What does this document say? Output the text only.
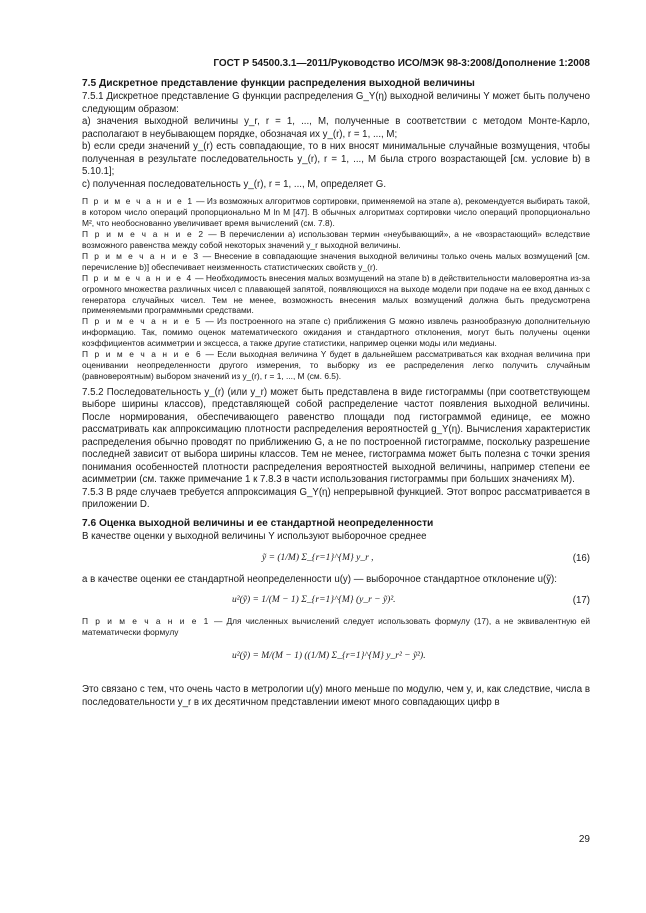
ГОСТ Р 54500.3.1—2011/Руководство ИСО/МЭК 98-3:2008/Дополнение 1:2008
7.5 Дискретное представление функции распределения выходной величины

7.5.1 Дискретное представление G функции распределения G_Y(η) выходной величины Y может быть получено следующим образом:

а) значения выходной величины y_r, r = 1, ..., M, полученные в соответствии с методом Монте-Карло, располагают в неубывающем порядке, обозначая их y_(r), r = 1, ..., M;

b) если среди значений y_(r) есть совпадающие, то в них вносят минимальные случайные возмущения, чтобы полученная в результате последовательность y_(r), r = 1, ..., M была строго возрастающей [см. условие b) в 5.10.1];

с) полученная последовательность y_(r), r = 1, ..., M, определяет G.

П р и м е ч а н и е 1 — Из возможных алгоритмов сортировки, применяемой на этапе а), рекомендуется выбирать такой, в котором число операций пропорционально M ln M [47]. В обычных алгоритмах сортировки число операций пропорционально M², что необоснованно увеличивает время вычислений (см. 7.8).

П р и м е ч а н и е 2 — В перечислении а) использован термин «неубывающий», а не «возрастающий» вследствие возможного равенства между собой некоторых значений y_r выходной величины.

П р и м е ч а н и е 3 — Внесение в совпадающие значения выходной величины только очень малых возмущений [см. перечисление b)] обеспечивает неизменность статистических свойств y_(r).

П р и м е ч а н и е 4 — Необходимость внесения малых возмущений на этапе b) в действительности маловероятна из-за огромного множества различных чисел с плавающей запятой, появляющихся на выходе модели при подаче на ее вход данных с генератора случайных чисел. Тем не менее, возможность внесения малых возмущений должна быть предусмотрена применяемыми программными средствами.

П р и м е ч а н и е 5 — Из построенного на этапе с) приближения G можно извлечь разнообразную дополнительную информацию. Так, помимо оценок математического ожидания и стандартного отклонения, могут быть получены оценки коэффициентов асимметрии и эксцесса, а также другие статистики, например оценки моды или медианы.

П р и м е ч а н и е 6 — Если выходная величина Y будет в дальнейшем рассматриваться как входная величина при оценивании неопределенности другого измерения, то выборку из ее распределения легко получить случайным (равновероятным) выбором значений из y_(r), r = 1, ..., M (см. 6.5).

7.5.2 Последовательность y_(r) (или y_r) может быть представлена в виде гистограммы (при соответствующем выборе ширины классов), представляющей собой распределение частот появления выходной величины. После нормирования, обеспечивающего равенство площади под гистограммой единице, ее можно рассматривать как аппроксимацию плотности распределения вероятностей g_Y(η). Вычисления характеристик распределения обычно проводят по приближению G, а не по построенной гистограмме, поскольку разрешение последней зависит от выбора ширины классов. Тем не менее, гистограмма может быть полезна с точки зрения понимания особенностей плотности распределения вероятностей выходной величины, например степени ее асимметрии (см. также примечание 1 к 7.8.3 в части использования гистограммы при больших значениях M).

7.5.3 В ряде случаев требуется аппроксимация G_Y(η) непрерывной функцией. Этот вопрос рассматривается в приложении D.

7.6 Оценка выходной величины и ее стандартной неопределенности

В качестве оценки y выходной величины Y используют выборочное среднее

ỹ = (1/M) Σ_{r=1}^{M} y_r ,	(16)

а в качестве оценки ее стандартной неопределенности u(y) — выборочное стандартное отклонение u(ỹ):

u²(ỹ) = 1/(M − 1) Σ_{r=1}^{M} (y_r − ỹ)².	(17)

П р и м е ч а н и е 1 — Для численных вычислений следует использовать формулу (17), а не эквивалентную ей математически формулу

u²(ỹ) = M/(M − 1) ((1/M) Σ_{r=1}^{M} y_r² − ỹ²).

Это связано с тем, что очень часто в метрологии u(y) много меньше по модулю, чем y, и, как следствие, числа в последовательности y_r в их десятичном представлении имеют много совпадающих цифр в

29
